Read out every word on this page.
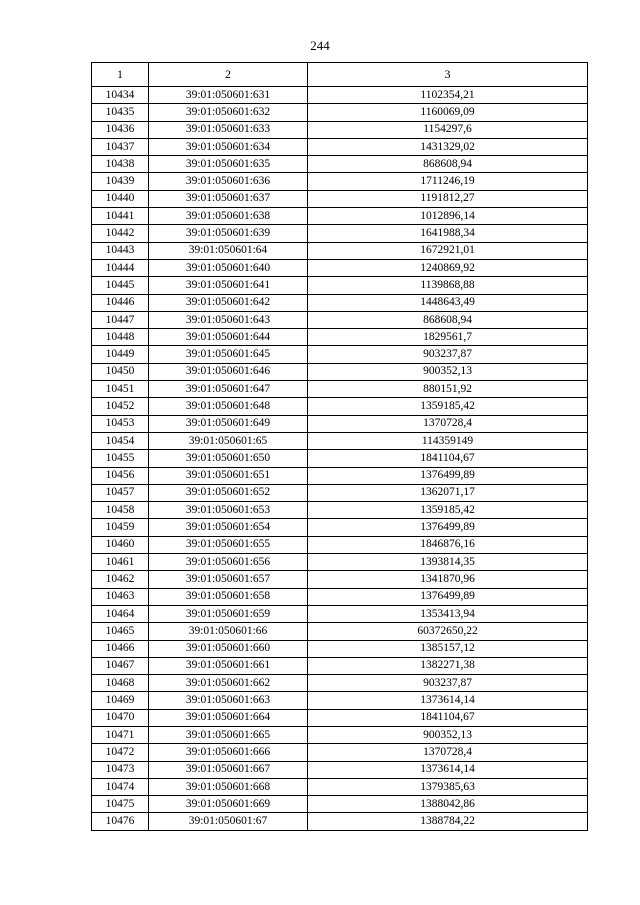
244
1	2	3
10434	39:01:050601:631	1102354,21
10435	39:01:050601:632	1160069,09
10436	39:01:050601:633	1154297,6
10437	39:01:050601:634	1431329,02
10438	39:01:050601:635	868608,94
10439	39:01:050601:636	1711246,19
10440	39:01:050601:637	1191812,27
10441	39:01:050601:638	1012896,14
10442	39:01:050601:639	1641988,34
10443	39:01:050601:64	1672921,01
10444	39:01:050601:640	1240869,92
10445	39:01:050601:641	1139868,88
10446	39:01:050601:642	1448643,49
10447	39:01:050601:643	868608,94
10448	39:01:050601:644	1829561,7
10449	39:01:050601:645	903237,87
10450	39:01:050601:646	900352,13
10451	39:01:050601:647	880151,92
10452	39:01:050601:648	1359185,42
10453	39:01:050601:649	1370728,4
10454	39:01:050601:65	114359149
10455	39:01:050601:650	1841104,67
10456	39:01:050601:651	1376499,89
10457	39:01:050601:652	1362071,17
10458	39:01:050601:653	1359185,42
10459	39:01:050601:654	1376499,89
10460	39:01:050601:655	1846876,16
10461	39:01:050601:656	1393814,35
10462	39:01:050601:657	1341870,96
10463	39:01:050601:658	1376499,89
10464	39:01:050601:659	1353413,94
10465	39:01:050601:66	60372650,22
10466	39:01:050601:660	1385157,12
10467	39:01:050601:661	1382271,38
10468	39:01:050601:662	903237,87
10469	39:01:050601:663	1373614,14
10470	39:01:050601:664	1841104,67
10471	39:01:050601:665	900352,13
10472	39:01:050601:666	1370728,4
10473	39:01:050601:667	1373614,14
10474	39:01:050601:668	1379385,63
10475	39:01:050601:669	1388042,86
10476	39:01:050601:67	1388784,22
